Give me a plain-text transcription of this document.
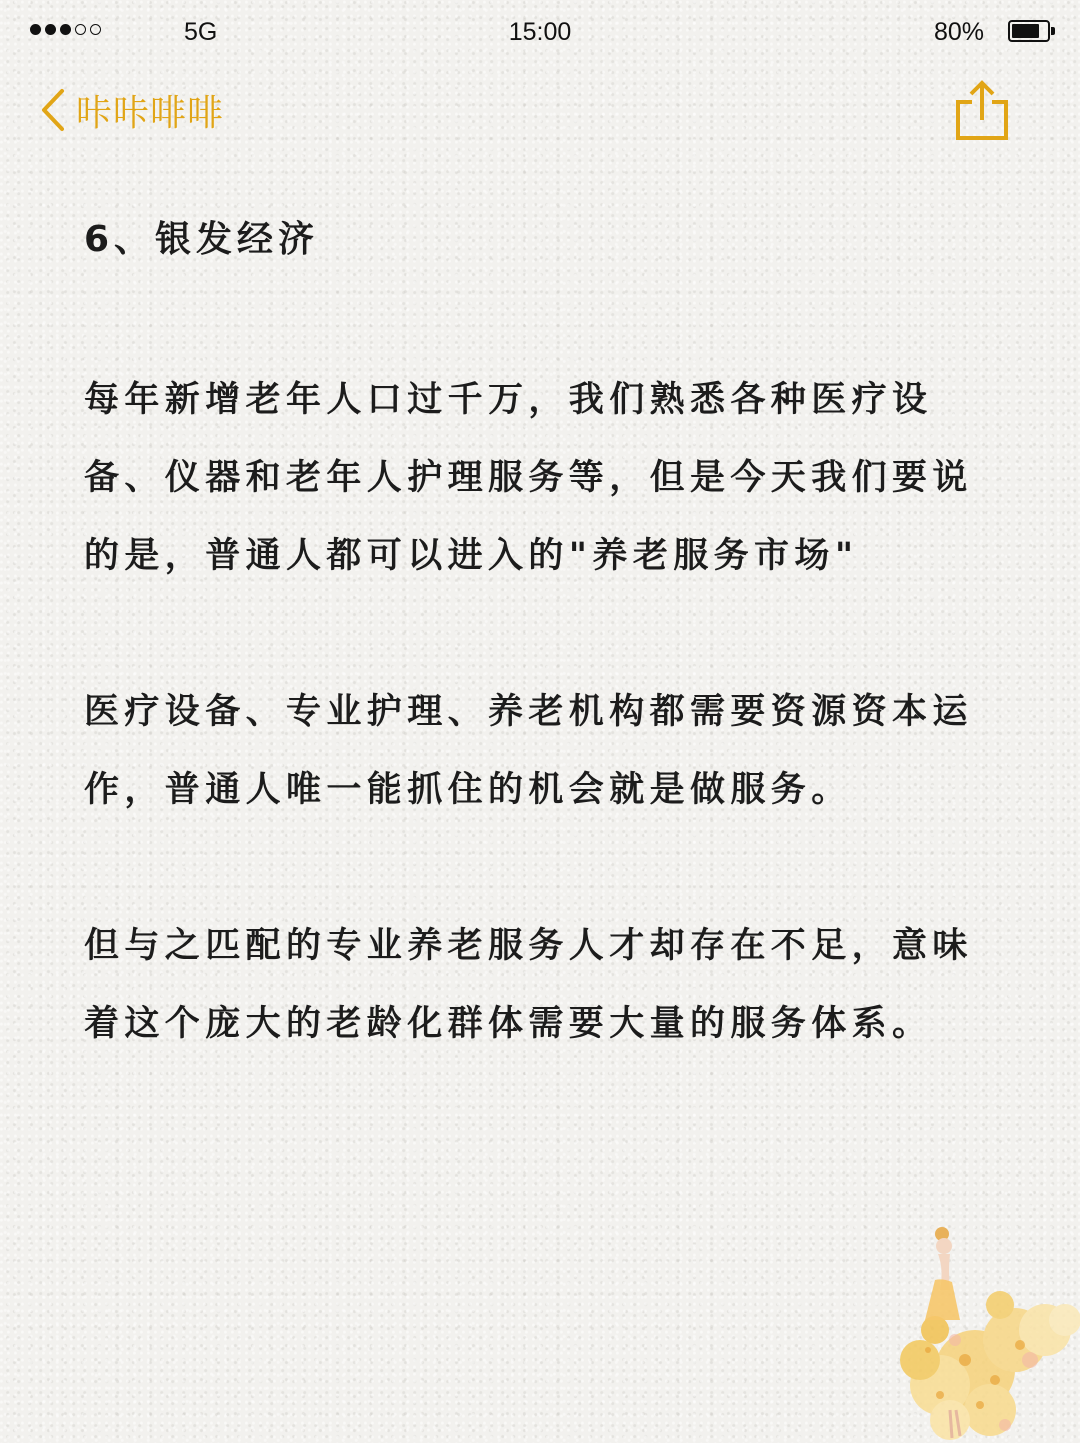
5G	15:00	80%
咔咔啡啡
6、银发经济

每年新增老年人口过千万，我们熟悉各种医疗设备、仪器和老年人护理服务等，但是今天我们要说的是，普通人都可以进入的"养老服务市场"

医疗设备、专业护理、养老机构都需要资源资本运作，普通人唯一能抓住的机会就是做服务。

但与之匹配的专业养老服务人才却存在不足，意味着这个庞大的老龄化群体需要大量的服务体系。
